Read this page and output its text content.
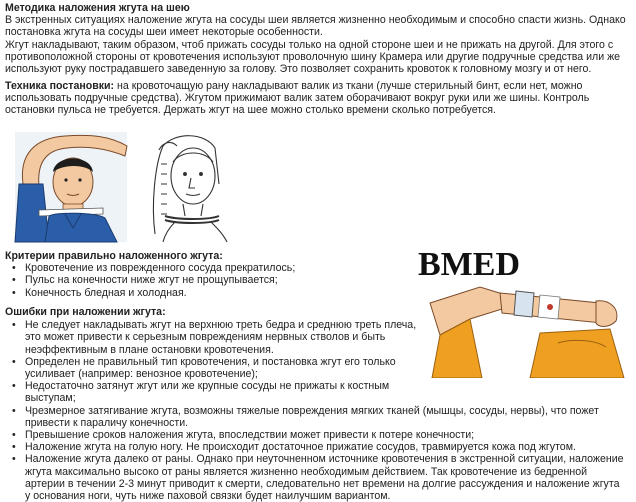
Методика наложения жгута на шею

В экстренных ситуациях наложение жгута на сосуды шеи является жизненно необходимым и способно спасти жизнь. Однако

постановка жгута на сосуды шеи имеет некоторые особенности.

Жгут накладывают, таким образом, чтоб прижать сосуды только на одной стороне шеи и не прижать на другой. Для этого с

противоположной стороны от кровотечения используют проволочную шину Крамера или другие подручные средства или же

используют руку пострадавшего заведенную за голову. Это позволяет сохранить кровоток к головному мозгу и от него.

Техника постановки: на кровоточащую рану накладывают валик из ткани (лучше стерильный бинт, если нет, можно

использовать подручные средства). Жгутом прижимают валик затем оборачивают вокруг руки или же шины. Контроль

остановки пульса не требуется. Держать жгут на шее можно столько времени сколько потребуется.

Критерии правильно наложенного жгута:

• Кровотечение из поврежденного сосуда прекратилось;
• Пульс на конечности ниже жгут не прощупывается;
• Конечность бледная и холодная.
BMED

Ошибки при наложении жгута:

• Не следует накладывать жгут на верхнюю треть бедра и среднюю треть плеча,
это может привести к серьезным повреждениям нервных стволов и быть
неэффективным в плане остановки кровотечения.
• Определен не правильный тип кровотечения, и постановка жгут его только
усиливает (например: венозное кровотечение);
• Недостаточно затянут жгут или же крупные сосуды не прижаты к костным
выступам;
• Чрезмерное затягивание жгута, возможны тяжелые повреждения мягких тканей (мышцы, сосуды, нервы), что пожет
привести к параличу конечности.
• Превышение сроков наложения жгута, впоследствии может привести к потере конечности;
• Наложение жгута на голую ногу. Не происходит достаточное прижатие сосудов, травмируется кожа под жгутом.
• Наложение жгута далеко от раны. Однако при неуточненном источнике кровотечения в экстренной ситуации, наложение
жгута максимально высоко от раны является жизненно необходимым действием. Так кровотечение из бедренной
артерии в течении 2-3 минут приводит к смерти, следовательно нет времени на долгие рассуждения и наложение жгута
у основания ноги, чуть ниже паховой связки будет наилучшим вариантом.
